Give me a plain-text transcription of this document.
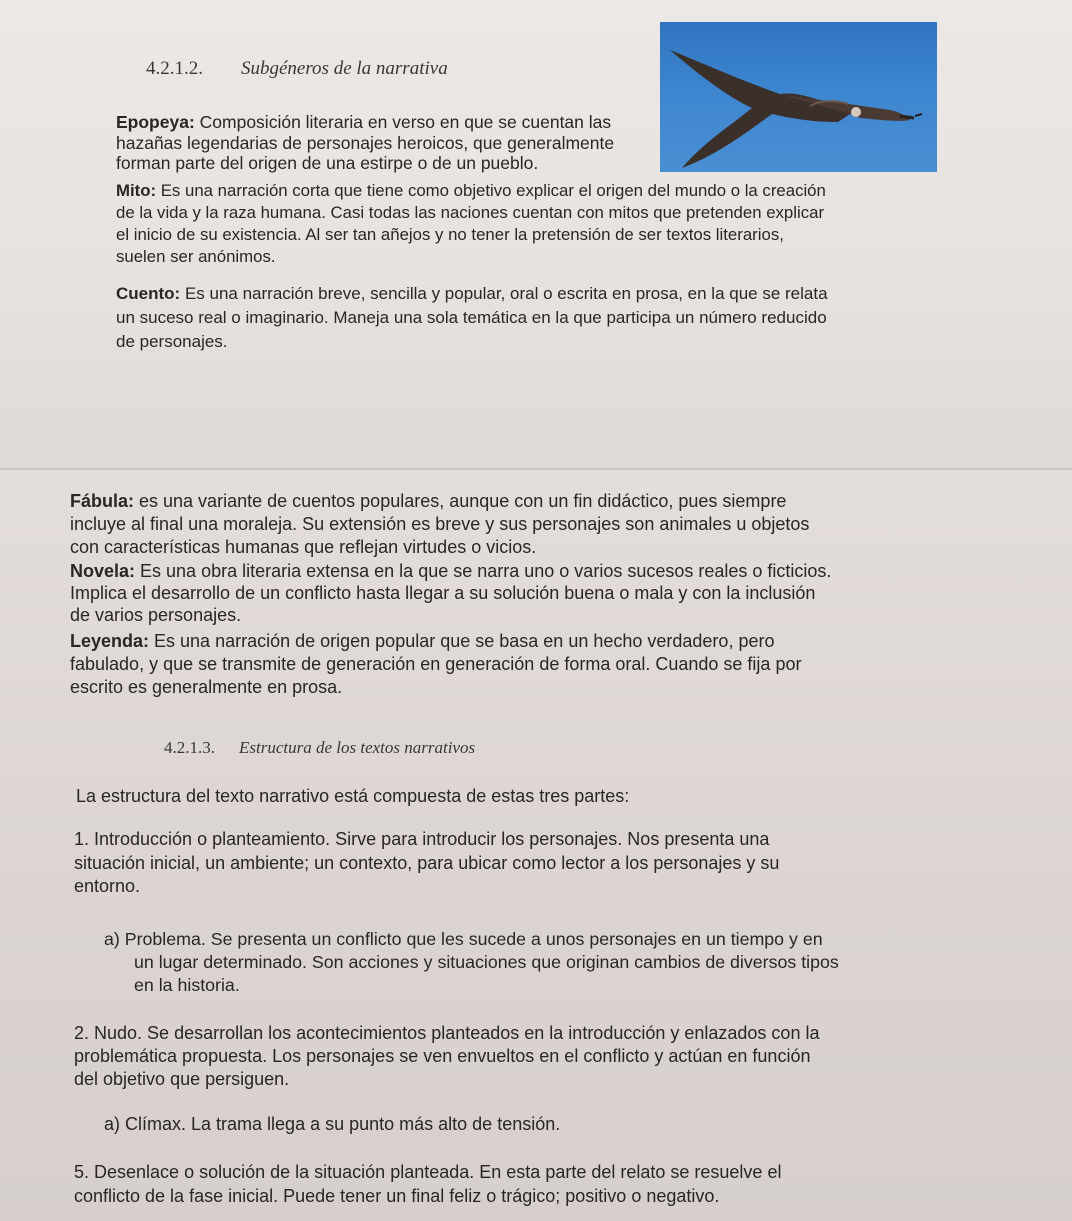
4.2.1.2. Subgéneros de la narrativa
Epopeya: Composición literaria en verso en que se cuentan las
hazañas legendarias de personajes heroicos, que generalmente
forman parte del origen de una estirpe o de un pueblo.
Mito: Es una narración corta que tiene como objetivo explicar el origen del mundo o la creación
de la vida y la raza humana. Casi todas las naciones cuentan con mitos que pretenden explicar
el inicio de su existencia. Al ser tan añejos y no tener la pretensión de ser textos literarios,
suelen ser anónimos.
Cuento: Es una narración breve, sencilla y popular, oral o escrita en prosa, en la que se relata
un suceso real o imaginario. Maneja una sola temática en la que participa un número reducido
de personajes.
Fábula: es una variante de cuentos populares, aunque con un fin didáctico, pues siempre
incluye al final una moraleja. Su extensión es breve y sus personajes son animales u objetos
con características humanas que reflejan virtudes o vicios.
Novela: Es una obra literaria extensa en la que se narra uno o varios sucesos reales o ficticios.
Implica el desarrollo de un conflicto hasta llegar a su solución buena o mala y con la inclusión
de varios personajes.
Leyenda: Es una narración de origen popular que se basa en un hecho verdadero, pero
fabulado, y que se transmite de generación en generación de forma oral. Cuando se fija por
escrito es generalmente en prosa.
4.2.1.3. Estructura de los textos narrativos
La estructura del texto narrativo está compuesta de estas tres partes:
1. Introducción o planteamiento. Sirve para introducir los personajes. Nos presenta una
situación inicial, un ambiente; un contexto, para ubicar como lector a los personajes y su
entorno.
a) Problema. Se presenta un conflicto que les sucede a unos personajes en un tiempo y en
un lugar determinado. Son acciones y situaciones que originan cambios de diversos tipos
en la historia.
2. Nudo. Se desarrollan los acontecimientos planteados en la introducción y enlazados con la
problemática propuesta. Los personajes se ven envueltos en el conflicto y actúan en función
del objetivo que persiguen.
a) Clímax. La trama llega a su punto más alto de tensión.
5. Desenlace o solución de la situación planteada. En esta parte del relato se resuelve el
conflicto de la fase inicial. Puede tener un final feliz o trágico; positivo o negativo.
